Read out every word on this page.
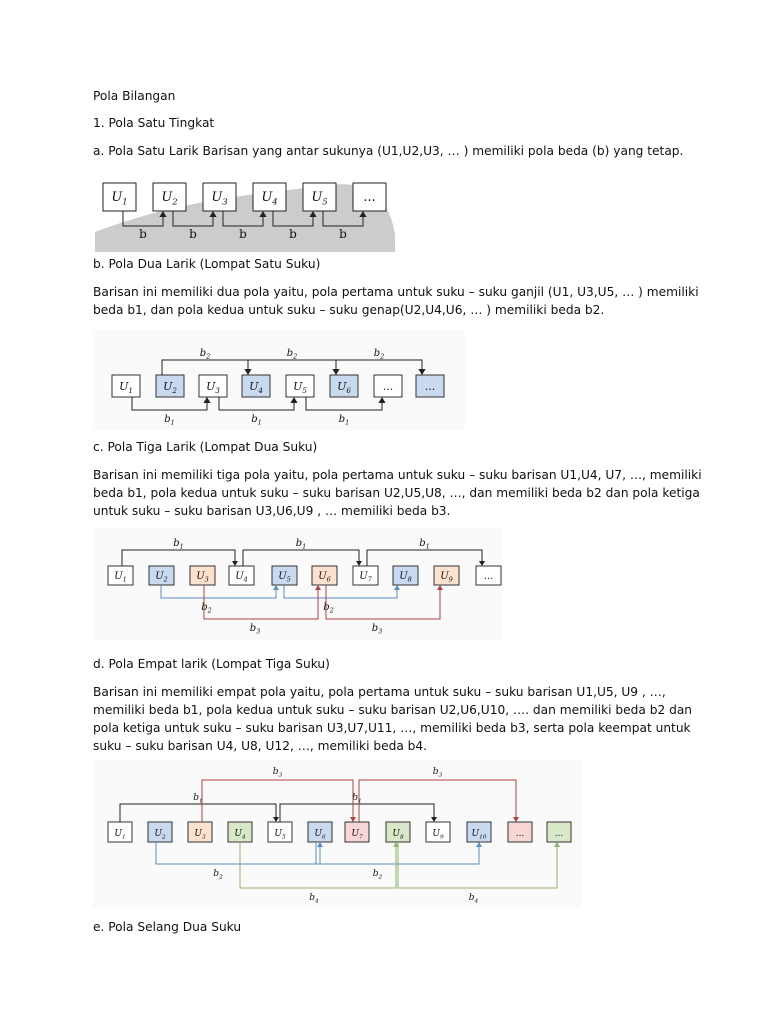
Pola Bilangan
1. Pola Satu Tingkat
a. Pola Satu Larik Barisan yang antar sukunya (U1,U2,U3, … ) memiliki pola beda (b) yang tetap.
$U_1$	$U_2$	$U_3$	$U_4$	$U_5$	...
b	b	b	b	b
b. Pola Dua Larik (Lompat Satu Suku)
Barisan ini memiliki dua pola yaitu, pola pertama untuk suku – suku ganjil (U1, U3,U5, … ) memiliki
beda b1, dan pola kedua untuk suku – suku genap(U2,U4,U6, … ) memiliki beda b2.
c. Pola Tiga Larik (Lompat Dua Suku)
Barisan ini memiliki tiga pola yaitu, pola pertama untuk suku – suku barisan U1,U4, U7, …, memiliki
beda b1, pola kedua untuk suku – suku barisan U2,U5,U8, …, dan memiliki beda b2 dan pola ketiga
untuk suku – suku barisan U3,U6,U9 , … memiliki beda b3.
d. Pola Empat larik (Lompat Tiga Suku)
Barisan ini memiliki empat pola yaitu, pola pertama untuk suku – suku barisan U1,U5, U9 , …,
memiliki beda b1, pola kedua untuk suku – suku barisan U2,U6,U10, …. dan memiliki beda b2 dan
pola ketiga untuk suku – suku barisan U3,U7,U11, …, memiliki beda b3, serta pola keempat untuk
suku – suku barisan U4, U8, U12, …, memiliki beda b4.
e. Pola Selang Dua Suku
$U_1$	$U_2$	$U_3$	$U_4$	$U_5$	$U_6$	...	...
$b_2$	$b_2$	$b_2$
$b_1$	$b_1$	$b_1$
$U_1$	$U_2$	$U_3$	$U_4$	$U_5$	$U_6$	$U_7$	$U_8$	$U_9$	...
$b_1$	$b_1$	$b_1$
$b_2$	$b_2$
$b_3$	$b_3$
$U_1$	$U_2$	$U_3$	$U_4$	$U_5$	$U_6$	$U_7$	$U_8$	$U_9$	$U_{10}$	...	...
$b_1$	$b_1$
$b_3$	$b_3$
$b_2$	$b_2$
$b_4$	$b_4$
